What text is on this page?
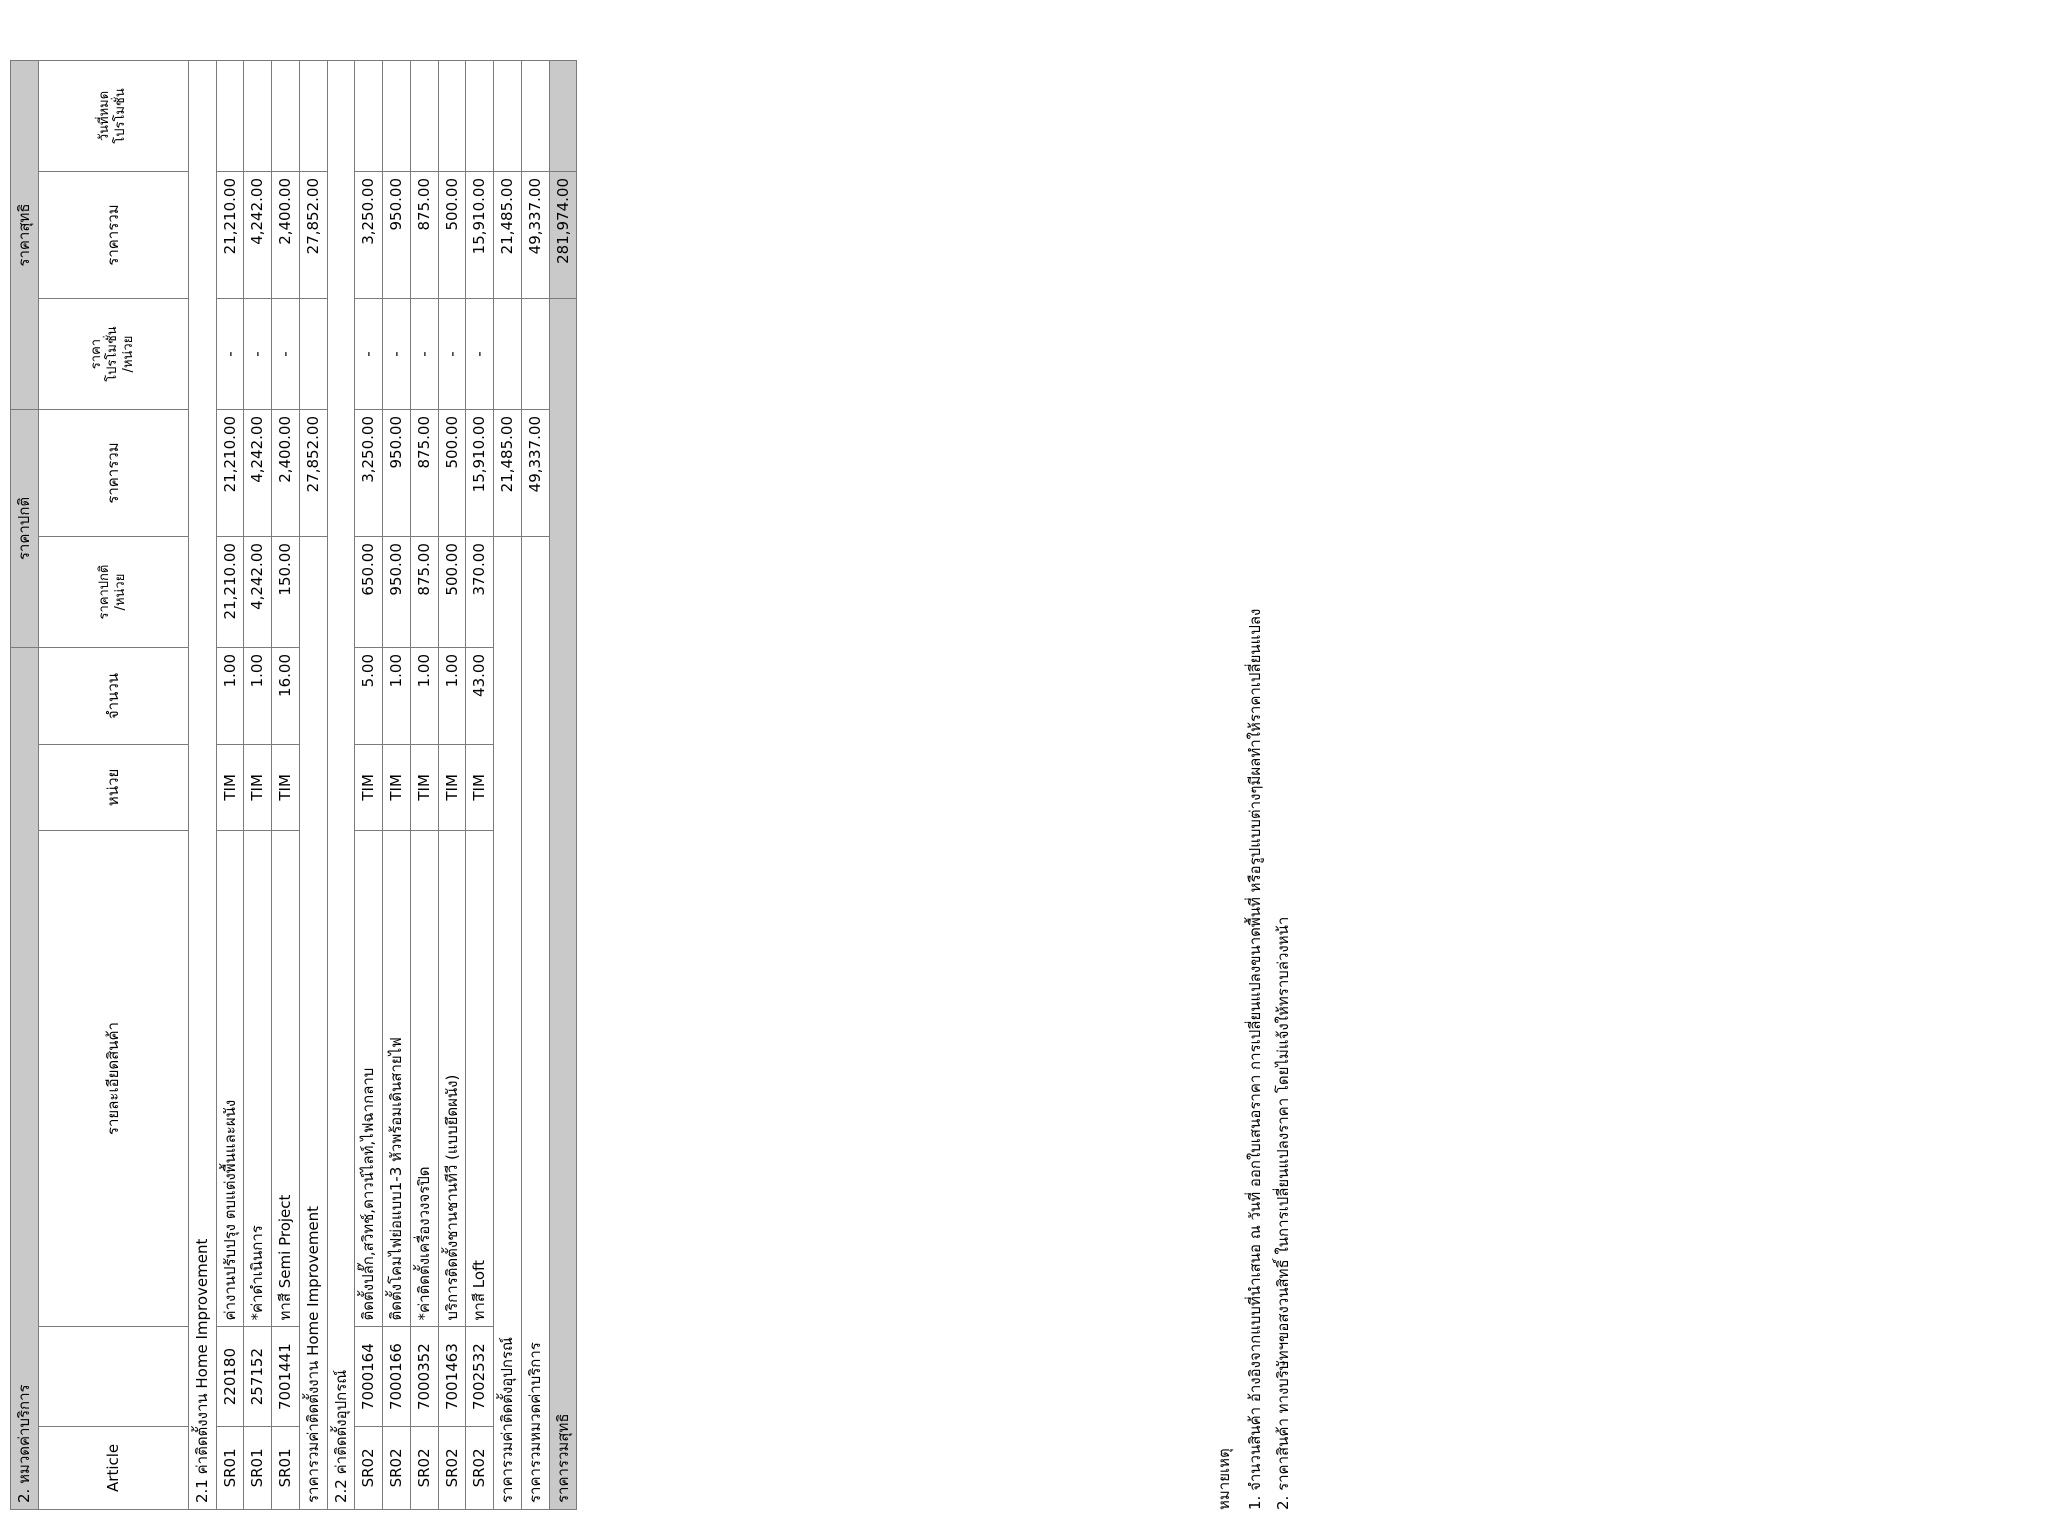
2. หมวดค่าบริการ					ราคาปกติ		ราคาสุทธิ		
Article		รายละเอียดสินค้า	หน่วย	จำนวน	ราคาปกติ /หน่วย	ราคารวม	ราคา โปรโมชั่น /หน่วย	ราคารวม	วันที่หมด โปรโมชั่น

2.1 ค่าติดตั้งงาน Home Improvement									
SR01	220180	ค่างานปรับปรุง ตบแต่งพื้นและผนัง	TIM	1.00	21,210.00	21,210.00	-	21,210.00	
SR01	257152	*ค่าดำเนินการ	TIM	1.00	4,242.00	4,242.00	-	4,242.00	
SR01	7001441	ทาสี Semi Project	TIM	16.00	150.00	2,400.00	-	2,400.00	
ราคารวมค่าติดตั้งงาน Home Improvement						27,852.00		27,852.00	
2.2 ค่าติดตั้งอุปกรณ์									
SR02	7000164	ติดตั้งปลั๊ก,สวิทช์,ดาวน์ไลท์,ไฟฉากลาบ	TIM	5.00	650.00	3,250.00	-	3,250.00	
SR02	7000166	ติดตั้งโคมไฟย่อแบบ1-3 หัวพร้อมเดินสายไฟ	TIM	1.00	950.00	950.00	-	950.00	
SR02	7000352	*ค่าติดตั้งเครื่องวงจรปิด	TIM	1.00	875.00	875.00	-	875.00	
SR02	7001463	บริการติดตั้งชานชานทีวี (แบบยึดผนัง)	TIM	1.00	500.00	500.00	-	500.00	
SR02	7002532	ทาสี Loft	TIM	43.00	370.00	15,910.00	-	15,910.00	
ราคารวมค่าติดตั้งอุปกรณ์						21,485.00		21,485.00	
ราคารวมหมวดค่าบริการ						49,337.00		49,337.00	
ราคารวมสุทธิ								281,974.00	
หมายเหตุ 1. จำนวนสินค้า อ้างอิงจากแบบที่นำเสนอ ณ วันที่ ออกใบเสนอราคา การเปลี่ยนแปลงขนาดพื้นที่ หรือรูปแบบต่างๆมีผลทำให้ราคาเปลี่ยนแปลง 2. ราคาสินค้า ทางบริษัทฯขอสงวนสิทธิ์ ในการเปลี่ยนแปลงราคา โดยไม่แจ้งให้ทราบล่วงหน้า
